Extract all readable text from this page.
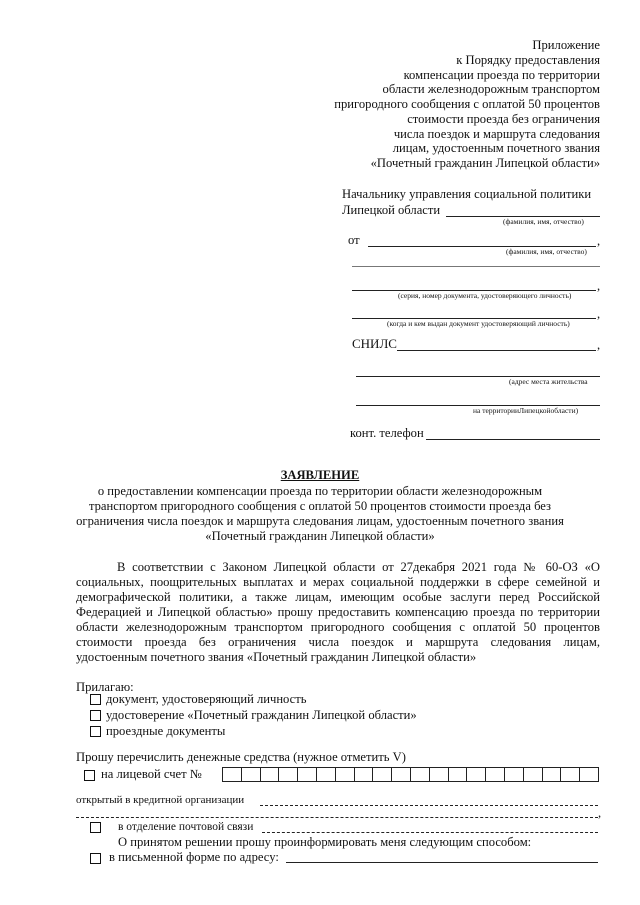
Приложение
к Порядку предоставления
компенсации проезда по территории
области железнодорожным транспортом
пригородного сообщения с оплатой 50 процентов
стоимости проезда без ограничения
числа поездок и маршрута следования
лицам, удостоенным почетного звания
«Почетный гражданин Липецкой области»
Начальнику управления социальной политики
Липецкой области
(фамилия, имя, отчество)
от	,
(фамилия, имя, отчество)
,
(серия, номер документа, удостоверяющего личность)
,
(когда и кем выдан документ удостоверяющий личность)
СНИЛС	,
(адрес места жительства
на территорииЛипецкойобласти)
конт. телефон
ЗАЯВЛЕНИЕ
о предоставлении компенсации проезда по территории области железнодорожным
транспортом пригородного сообщения с оплатой 50 процентов стоимости проезда без
ограничения числа поездок и маршрута следования лицам, удостоенным почетного звания
«Почетный гражданин Липецкой области»
В соответствии с Законом Липецкой области от 27декабря 2021 года № 60-ОЗ «О
социальных, поощрительных выплатах и мерах социальной поддержки в сфере семейной и
демографической политики, а также лицам, имеющим особые заслуги перед Российской
Федерацией и Липецкой областью» прошу предоставить компенсацию проезда по территории
области железнодорожным транспортом пригородного сообщения с оплатой 50 процентов
стоимости проезда без ограничения числа поездок и маршрута следования лицам,
удостоенным почетного звания «Почетный гражданин Липецкой области»
Прилагаю:
документ, удостоверяющий личность
удостоверение «Почетный гражданин Липецкой области»
проездные документы
Прошу перечислить денежные средства (нужное отметить V)
на лицевой счет №
открытый в кредитной организации
,
в отделение почтовой связи
О принятом решении прошу проинформировать меня следующим способом:
в письменной форме по адресу:
